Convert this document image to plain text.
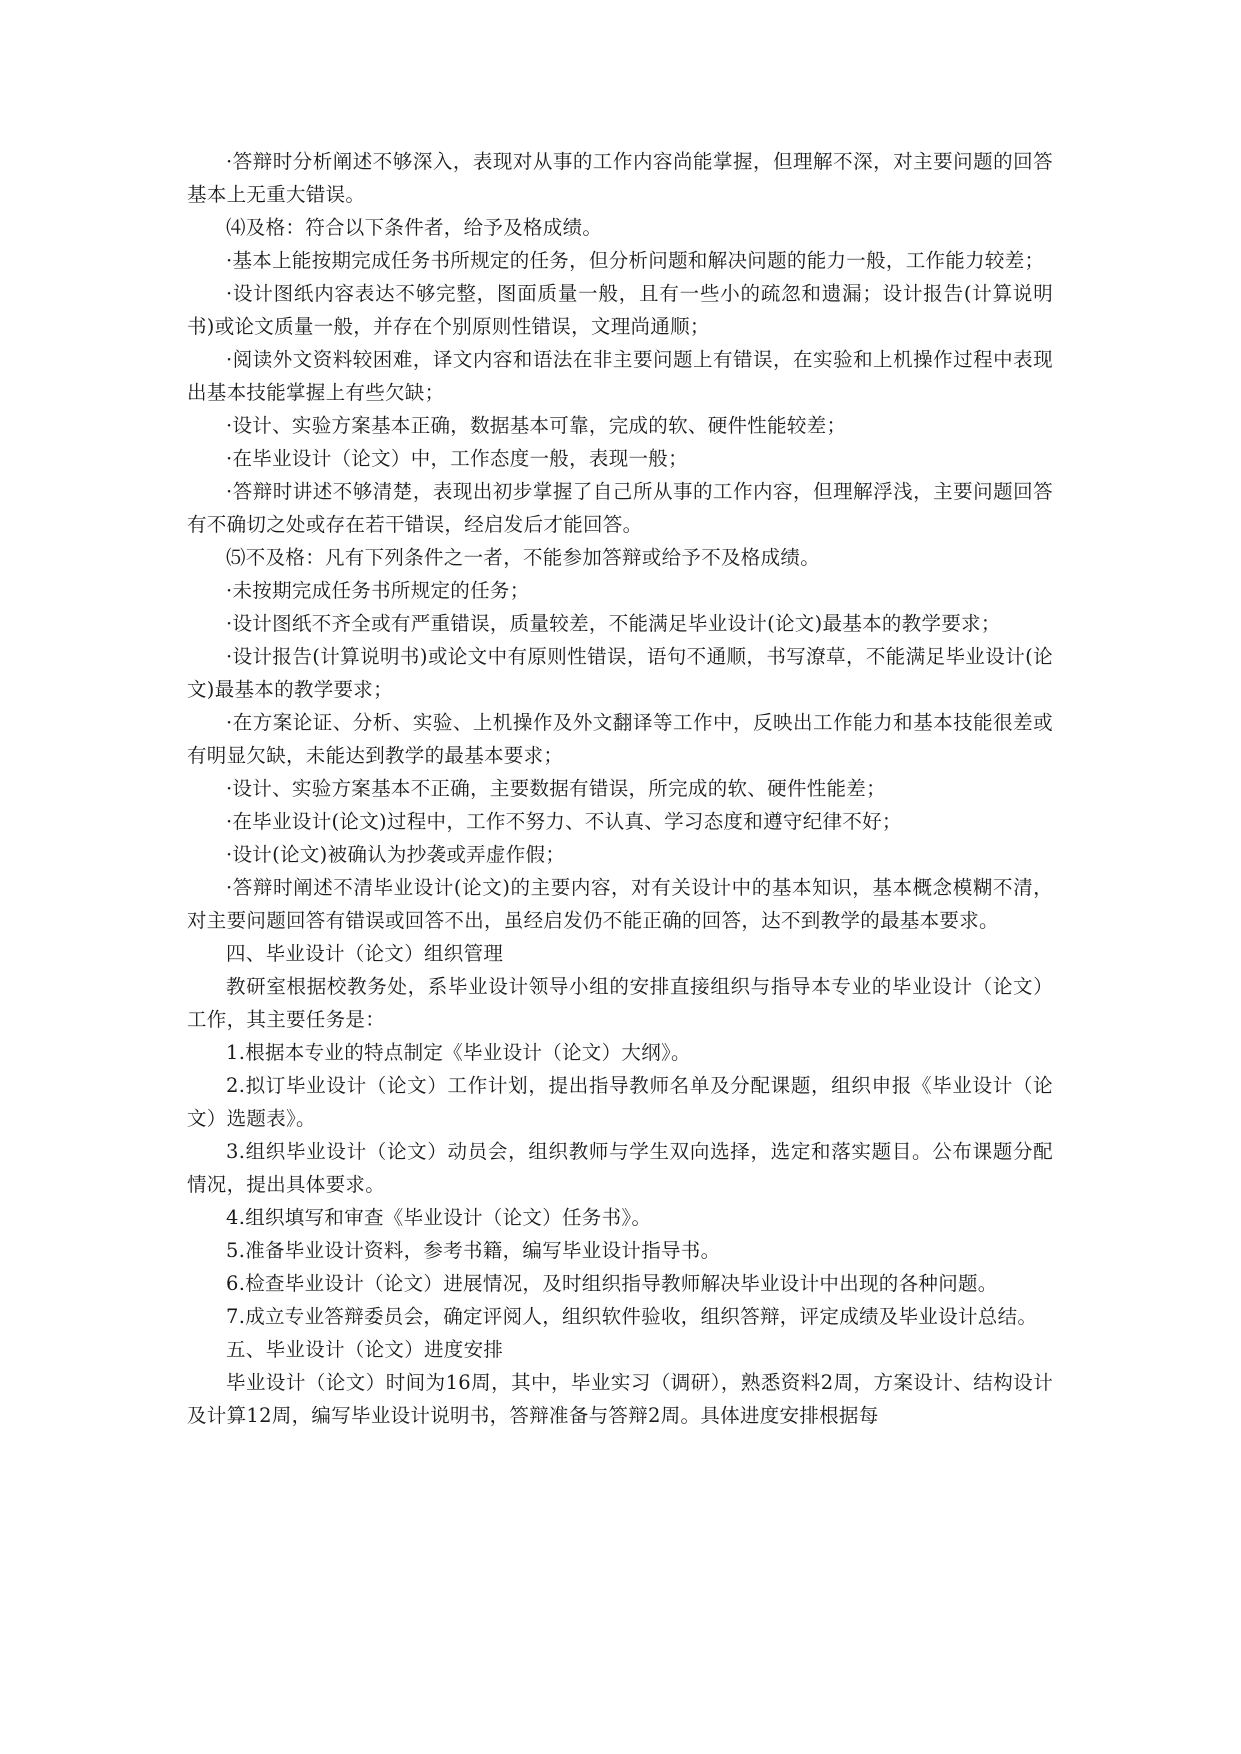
·答辩时分析阐述不够深入，表现对从事的工作内容尚能掌握，但理解不深，对主要问题的回答基本上无重大错误。

⑷及格：符合以下条件者，给予及格成绩。

·基本上能按期完成任务书所规定的任务，但分析问题和解决问题的能力一般，工作能力较差；

·设计图纸内容表达不够完整，图面质量一般，且有一些小的疏忽和遗漏；设计报告(计算说明书)或论文质量一般，并存在个别原则性错误，文理尚通顺；

·阅读外文资料较困难，译文内容和语法在非主要问题上有错误，在实验和上机操作过程中表现出基本技能掌握上有些欠缺；

·设计、实验方案基本正确，数据基本可靠，完成的软、硬件性能较差；

·在毕业设计（论文）中，工作态度一般，表现一般；

·答辩时讲述不够清楚，表现出初步掌握了自己所从事的工作内容，但理解浮浅，主要问题回答有不确切之处或存在若干错误，经启发后才能回答。

⑸不及格：凡有下列条件之一者，不能参加答辩或给予不及格成绩。

·未按期完成任务书所规定的任务；

·设计图纸不齐全或有严重错误，质量较差，不能满足毕业设计(论文)最基本的教学要求；

·设计报告(计算说明书)或论文中有原则性错误，语句不通顺，书写潦草，不能满足毕业设计(论文)最基本的教学要求；

·在方案论证、分析、实验、上机操作及外文翻译等工作中，反映出工作能力和基本技能很差或有明显欠缺，未能达到教学的最基本要求；

·设计、实验方案基本不正确，主要数据有错误，所完成的软、硬件性能差；

·在毕业设计(论文)过程中，工作不努力、不认真、学习态度和遵守纪律不好；

·设计(论文)被确认为抄袭或弄虚作假；

·答辩时阐述不清毕业设计(论文)的主要内容，对有关设计中的基本知识，基本概念模糊不清，对主要问题回答有错误或回答不出，虽经启发仍不能正确的回答，达不到教学的最基本要求。

四、毕业设计（论文）组织管理

教研室根据校教务处，系毕业设计领导小组的安排直接组织与指导本专业的毕业设计（论文）工作，其主要任务是：

1.根据本专业的特点制定《毕业设计（论文）大纲》。

2.拟订毕业设计（论文）工作计划，提出指导教师名单及分配课题，组织申报《毕业设计（论文）选题表》。

3.组织毕业设计（论文）动员会，组织教师与学生双向选择，选定和落实题目。公布课题分配情况，提出具体要求。

4.组织填写和审查《毕业设计（论文）任务书》。

5.准备毕业设计资料，参考书籍，编写毕业设计指导书。

6.检查毕业设计（论文）进展情况，及时组织指导教师解决毕业设计中出现的各种问题。

7.成立专业答辩委员会，确定评阅人，组织软件验收，组织答辩，评定成绩及毕业设计总结。

五、毕业设计（论文）进度安排

毕业设计（论文）时间为16周，其中，毕业实习（调研），熟悉资料2周，方案设计、结构设计及计算12周，编写毕业设计说明书，答辩准备与答辩2周。具体进度安排根据每
